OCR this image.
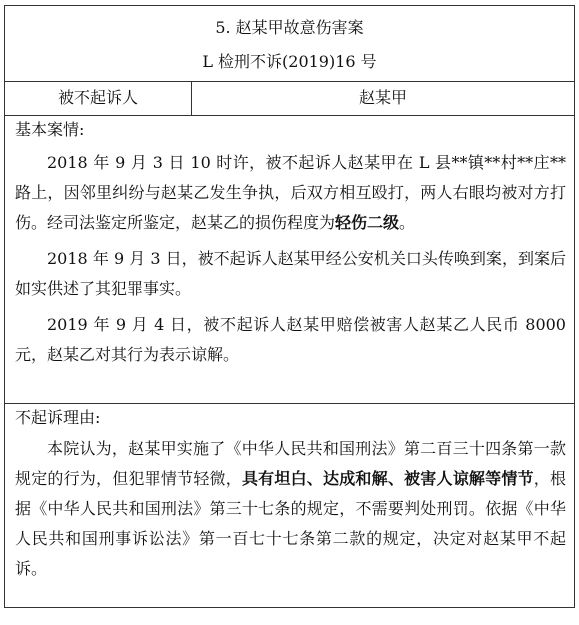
5. 赵某甲故意伤害案
L 检刑不诉(2019)16 号

被不起诉人	赵某甲

基本案情:

2018 年 9 月 3 日 10 时许，被不起诉人赵某甲在 L 县**镇**村**庄**路上，因邻里纠纷与赵某乙发生争执，后双方相互殴打，两人右眼均被对方打伤。经司法鉴定所鉴定，赵某乙的损伤程度为轻伤二级。

2018 年 9 月 3 日，被不起诉人赵某甲经公安机关口头传唤到案，到案后如实供述了其犯罪事实。

2019 年 9 月 4 日，被不起诉人赵某甲赔偿被害人赵某乙人民币 8000 元，赵某乙对其行为表示谅解。

不起诉理由:

本院认为，赵某甲实施了《中华人民共和国刑法》第二百三十四条第一款规定的行为，但犯罪情节轻微，具有坦白、达成和解、被害人谅解等情节，根据《中华人民共和国刑法》第三十七条的规定，不需要判处刑罚。依据《中华人民共和国刑事诉讼法》第一百七十七条第二款的规定，决定对赵某甲不起诉。
